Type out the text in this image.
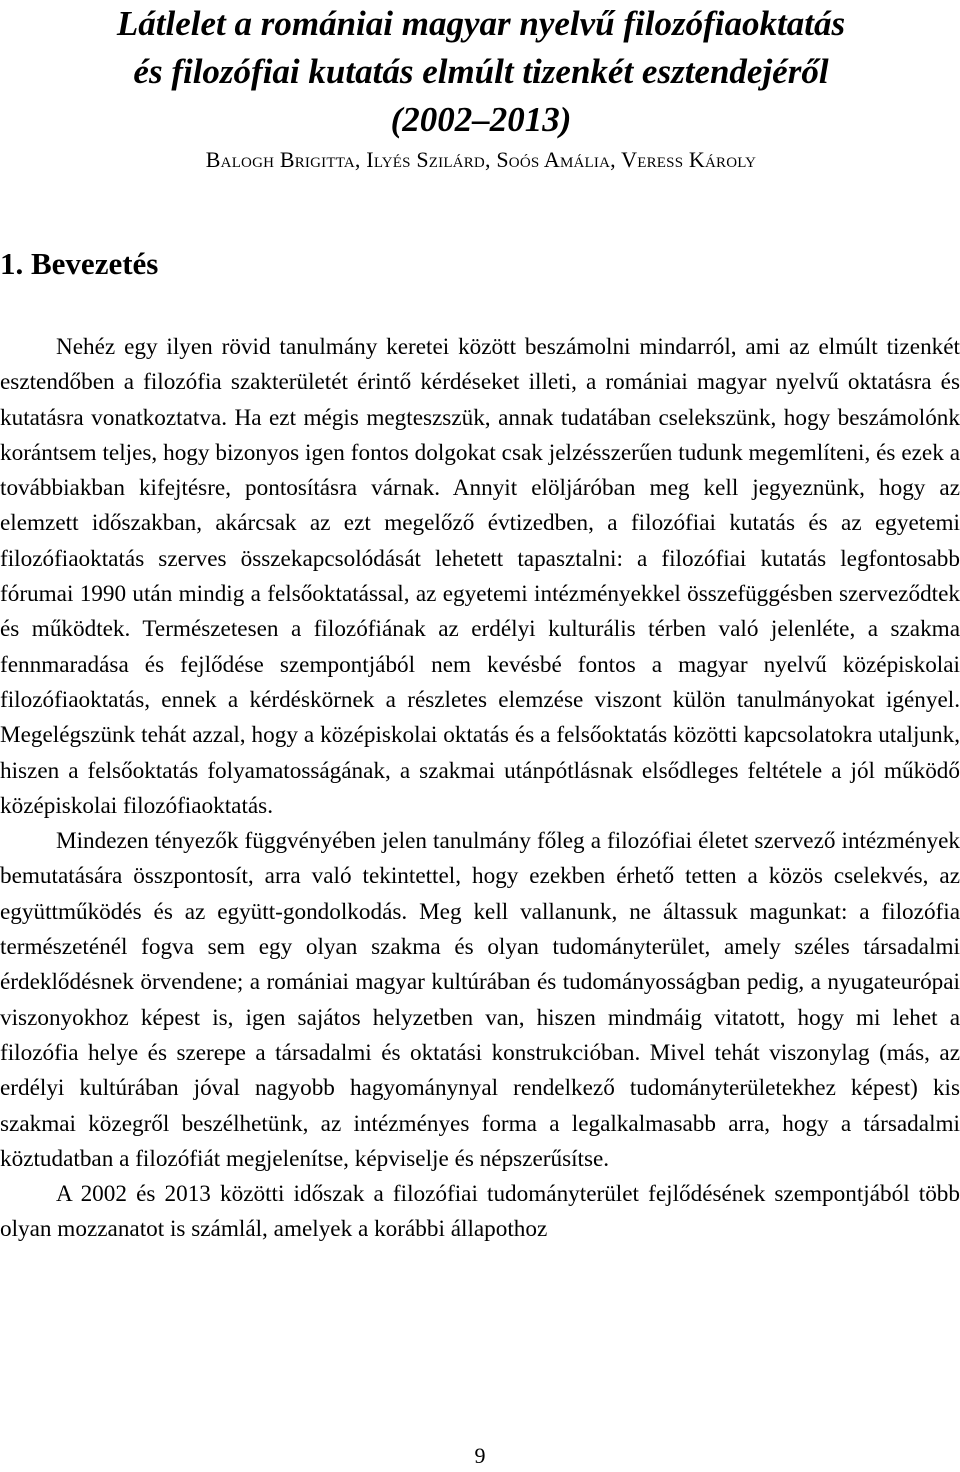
Látlelet a romániai magyar nyelvű filozófiaoktatás
és filozófiai kutatás elmúlt tizenkét esztendejéről
(2002–2013)
Balogh Brigitta, Ilyés Szilárd, Soós Amália, Veress Károly
1. Bevezetés

Nehéz egy ilyen rövid tanulmány keretei között beszámolni mindarról, ami az elmúlt tizenkét esztendőben a filozófia szakterületét érintő kérdéseket illeti, a romániai magyar nyelvű oktatásra és kutatásra vonatkoztatva. Ha ezt mégis megteszszük, annak tudatában cselekszünk, hogy beszámolónk korántsem teljes, hogy bizonyos igen fontos dolgokat csak jelzésszerűen tudunk megemlíteni, és ezek a továbbiakban kifejtésre, pontosításra várnak. Annyit elöljáróban meg kell jegyeznünk, hogy az elemzett időszakban, akárcsak az ezt megelőző évtizedben, a filozófiai kutatás és az egyetemi filozófiaoktatás szerves összekapcsolódását lehetett tapasztalni: a filozófiai kutatás legfontosabb fórumai 1990 után mindig a felsőoktatással, az egyetemi intézményekkel összefüggésben szerveződtek és működtek. Természetesen a filozófiának az erdélyi kulturális térben való jelenléte, a szakma fennmaradása és fejlődése szempontjából nem kevésbé fontos a magyar nyelvű középiskolai filozófiaoktatás, ennek a kérdéskörnek a részletes elemzése viszont külön tanulmányokat igényel. Megelégszünk tehát azzal, hogy a középiskolai oktatás és a felsőoktatás közötti kapcsolatokra utaljunk, hiszen a felsőoktatás folyamatosságának, a szakmai utánpótlásnak elsődleges feltétele a jól működő középiskolai filozófiaoktatás.

Mindezen tényezők függvényében jelen tanulmány főleg a filozófiai életet szervező intézmények bemutatására összpontosít, arra való tekintettel, hogy ezekben érhető tetten a közös cselekvés, az együttműködés és az együtt-gondolkodás. Meg kell vallanunk, ne áltassuk magunkat: a filozófia természeténél fogva sem egy olyan szakma és olyan tudományterület, amely széles társadalmi érdeklődésnek örvendene; a romániai magyar kultúrában és tudományosságban pedig, a nyugateurópai viszonyokhoz képest is, igen sajátos helyzetben van, hiszen mindmáig vitatott, hogy mi lehet a filozófia helye és szerepe a társadalmi és oktatási konstrukcióban. Mivel tehát viszonylag (más, az erdélyi kultúrában jóval nagyobb hagyománynyal rendelkező tudományterületekhez képest) kis szakmai közegről beszélhetünk, az intézményes forma a legalkalmasabb arra, hogy a társadalmi köztudatban a filozófiát megjelenítse, képviselje és népszerűsítse.

A 2002 és 2013 közötti időszak a filozófiai tudományterület fejlődésének szempontjából több olyan mozzanatot is számlál, amelyek a korábbi állapothoz

9
